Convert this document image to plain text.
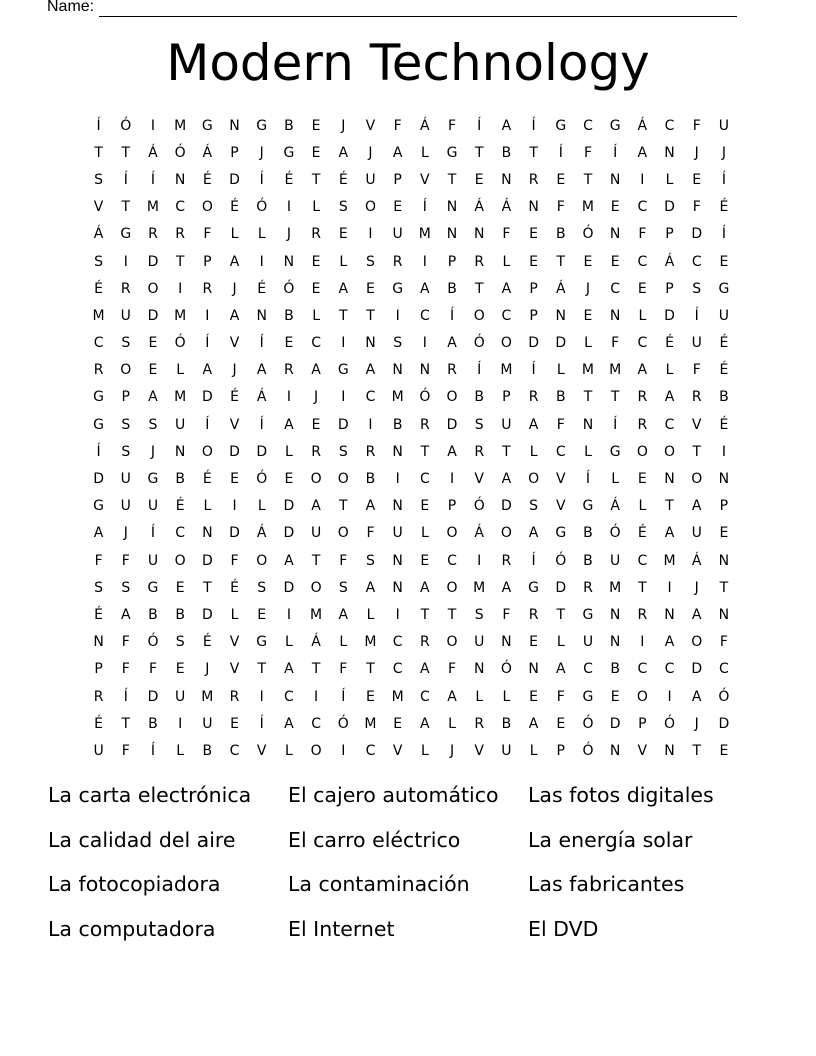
Name:
Modern Technology
Í	Ó	I	M	G	N	G	B	E	J	V	F	Á	F	Í	A	Í	G	C	G	Á	C	F	U
T	T	Á	Ó	Á	P	J	G	E	A	J	A	L	G	T	B	T	Í	F	Í	A	N	J	J
S	Í	Í	N	É	D	Í	É	T	É	U	P	V	T	E	N	R	E	T	N	I	L	E	Í
V	T	M	C	O	É	Ó	I	L	S	O	E	Í	N	Á	Á	N	F	M	E	C	D	F	É
Á	G	R	R	F	L	L	J	R	E	I	U	M	N	N	F	E	B	Ó	N	F	P	D	Í
S	I	D	T	P	A	I	N	E	L	S	R	I	P	R	L	E	T	E	E	C	Á	C	E
É	R	O	I	R	J	É	Ó	E	A	E	G	A	B	T	A	P	Á	J	C	E	P	S	G
M	U	D	M	I	A	N	B	L	T	T	I	C	Í	O	C	P	N	E	N	L	D	Í	U
C	S	E	Ó	Í	V	Í	E	C	I	N	S	I	A	Ó	O	D	D	L	F	C	É	U	É
R	O	E	L	A	J	A	R	A	G	A	N	N	R	Í	M	Í	L	M	M	A	L	F	É
G	P	A	M	D	É	Á	I	J	I	C	M	Ó	O	B	P	R	B	T	T	R	A	R	B
G	S	S	U	Í	V	Í	A	E	D	I	B	R	D	S	U	A	F	N	Í	R	C	V	É
Í	S	J	N	O	D	D	L	R	S	R	N	T	A	R	T	L	C	L	G	O	O	T	I
D	U	G	B	É	E	Ó	E	O	O	B	I	C	I	V	A	O	V	Í	L	E	N	O	N
G	U	U	É	L	I	L	D	A	T	A	N	E	P	Ó	D	S	V	G	Á	L	T	A	P
A	J	Í	C	N	D	Á	D	U	O	F	U	L	O	Á	O	A	G	B	Ó	É	A	U	E
F	F	U	O	D	F	O	A	T	F	S	N	E	C	I	R	Í	Ó	B	U	C	M	Á	N
S	S	G	E	T	É	S	D	O	S	A	N	A	O	M	A	G	D	R	M	T	I	J	T
É	A	B	B	D	L	E	I	M	A	L	I	T	T	S	F	R	T	G	N	R	N	A	N
N	F	Ó	S	É	V	G	L	Á	L	M	C	R	O	U	N	E	L	U	N	I	A	O	F
P	F	F	E	J	V	T	A	T	F	T	C	A	F	N	Ó	N	A	C	B	C	C	D	C
R	Í	D	U	M	R	I	C	I	Í	E	M	C	A	L	L	E	F	G	E	O	I	A	Ó
É	T	B	I	U	E	Í	A	C	Ó	M	E	A	L	R	B	A	E	Ó	D	P	Ó	J	D
U	F	Í	L	B	C	V	L	O	I	C	V	L	J	V	U	L	P	Ó	N	V	N	T	E
La carta electrónica	El cajero automático	Las fotos digitales
La calidad del aire	El carro eléctrico	La energía solar
La fotocopiadora	La contaminación	Las fabricantes
La computadora	El Internet	El DVD
